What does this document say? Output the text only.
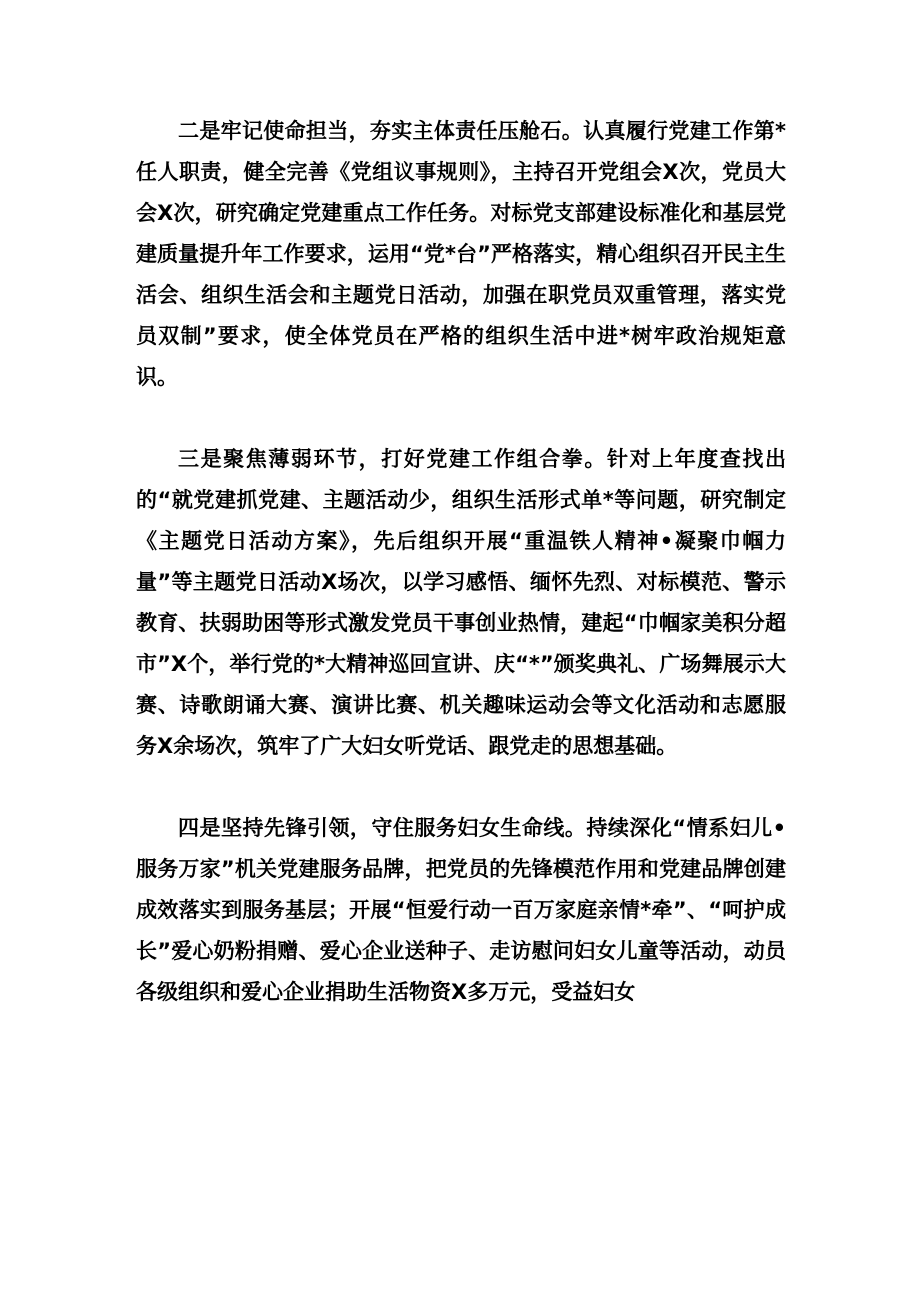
二是牢记使命担当，夯实主体责任压舱石。认真履行党建工作第*任人职责，健全完善《党组议事规则》，主持召开党组会X次，党员大会X次，研究确定党建重点工作任务。对标党支部建设标准化和基层党建质量提升年工作要求，运用“党*台”严格落实，精心组织召开民主生活会、组织生活会和主题党日活动，加强在职党员双重管理，落实党员双制”要求，使全体党员在严格的组织生活中进*树牢政治规矩意识。

三是聚焦薄弱环节，打好党建工作组合拳。针对上年度查找出的“就党建抓党建、主题活动少，组织生活形式单*等问题，研究制定《主题党日活动方案》，先后组织开展“重温铁人精神•凝聚巾帼力量”等主题党日活动X场次，以学习感悟、缅怀先烈、对标模范、警示教育、扶弱助困等形式激发党员干事创业热情，建起“巾帼家美积分超市”X个，举行党的*大精神巡回宣讲、庆“*”颁奖典礼、广场舞展示大赛、诗歌朗诵大赛、演讲比赛、机关趣味运动会等文化活动和志愿服务X余场次，筑牢了广大妇女听党话、跟党走的思想基础。

四是坚持先锋引领，守住服务妇女生命线。持续深化“情系妇儿•服务万家”机关党建服务品牌，把党员的先锋模范作用和党建品牌创建成效落实到服务基层；开展“恒爱行动一百万家庭亲情*牵”、“呵护成长”爱心奶粉捐赠、爱心企业送种子、走访慰问妇女儿童等活动，动员各级组织和爱心企业捐助生活物资X多万元，受益妇女
